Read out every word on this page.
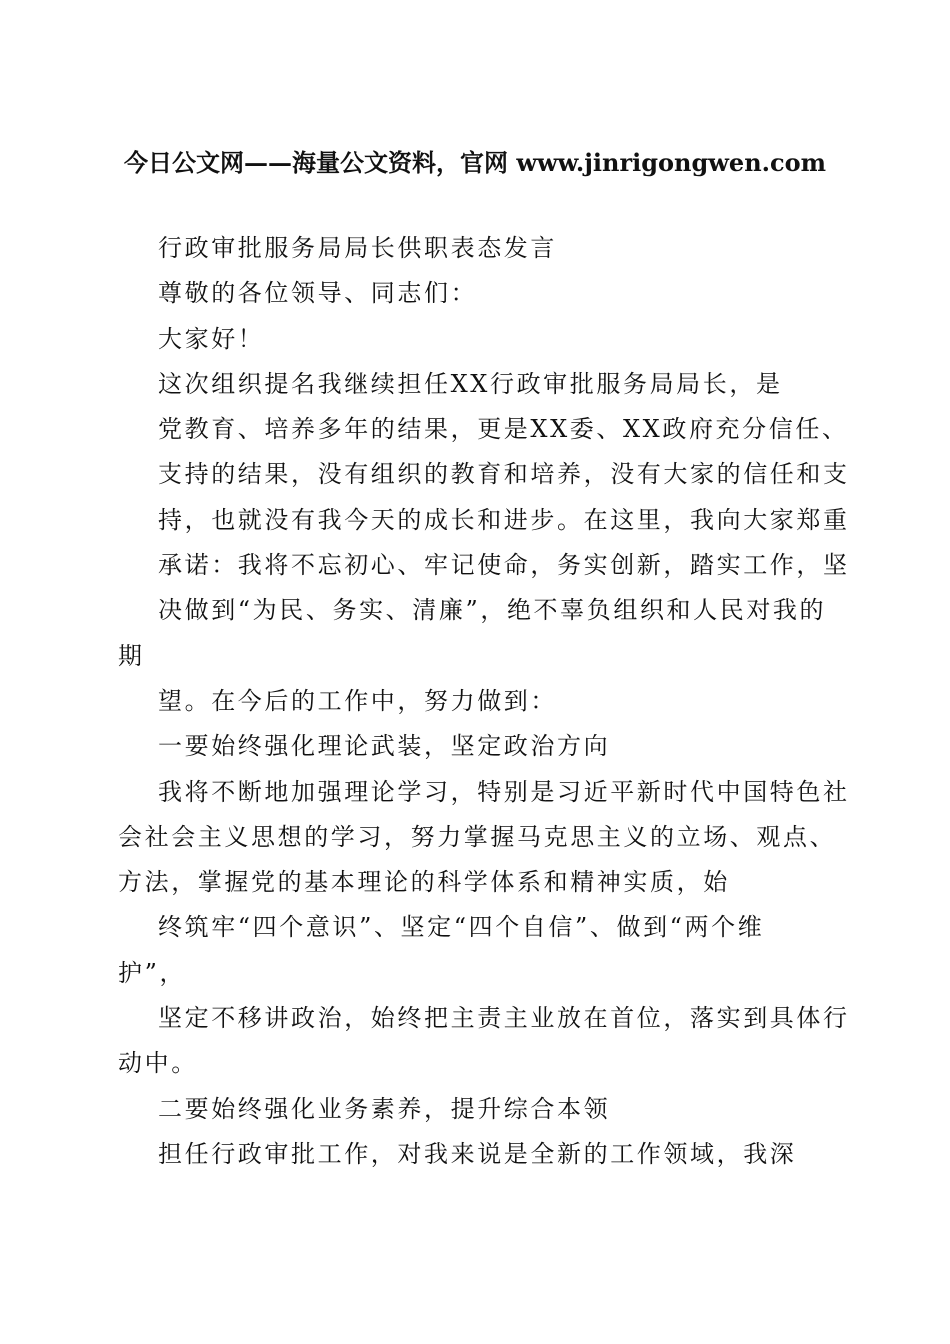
今日公文网——海量公文资料，官网 www.jinrigongwen.com

行政审批服务局局长供职表态发言

尊敬的各位领导、同志们：

大家好！

这次组织提名我继续担任XX行政审批服务局局长，是

党教育、培养多年的结果，更是XX委、XX政府充分信任、

支持的结果，没有组织的教育和培养，没有大家的信任和支

持，也就没有我今天的成长和进步。在这里，我向大家郑重

承诺：我将不忘初心、牢记使命，务实创新，踏实工作，坚

决做到“为民、务实、清廉”，绝不辜负组织和人民对我的

期

望。在今后的工作中，努力做到：

一要始终强化理论武装，坚定政治方向

我将不断地加强理论学习，特别是习近平新时代中国特色社

会社会主义思想的学习，努力掌握马克思主义的立场、观点、

方法，掌握党的基本理论的科学体系和精神实质，始

终筑牢“四个意识”、坚定“四个自信”、做到“两个维

护”，

坚定不移讲政治，始终把主责主业放在首位，落实到具体行

动中。

二要始终强化业务素养，提升综合本领

担任行政审批工作，对我来说是全新的工作领域，我深
